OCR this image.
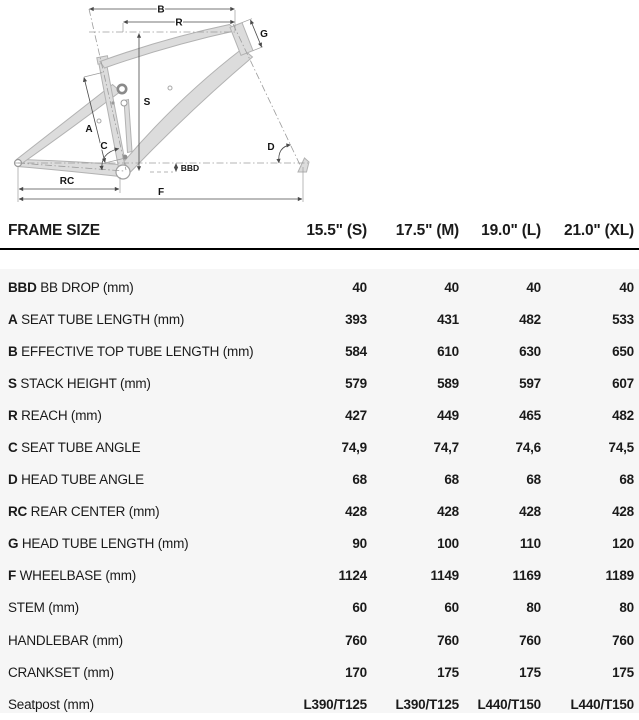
B
R
G
S
A
C	D
BBD
RC
F
FRAME SIZE	15.5" (S)	17.5" (M)	19.0" (L)	21.0" (XL)
BBD BB DROP (mm)	40	40	40	40
A SEAT TUBE LENGTH (mm)	393	431	482	533
B EFFECTIVE TOP TUBE LENGTH (mm)	584	610	630	650
S STACK HEIGHT (mm)	579	589	597	607
R REACH (mm)	427	449	465	482
C SEAT TUBE ANGLE	74,9	74,7	74,6	74,5
D HEAD TUBE ANGLE	68	68	68	68
RC REAR CENTER (mm)	428	428	428	428
G HEAD TUBE LENGTH (mm)	90	100	110	120
F WHEELBASE (mm)	1124	1149	1169	1189
STEM (mm)	60	60	80	80
HANDLEBAR (mm)	760	760	760	760
CRANKSET (mm)	170	175	175	175
Seatpost (mm)	L390/T125	L390/T125	L440/T150	L440/T150
